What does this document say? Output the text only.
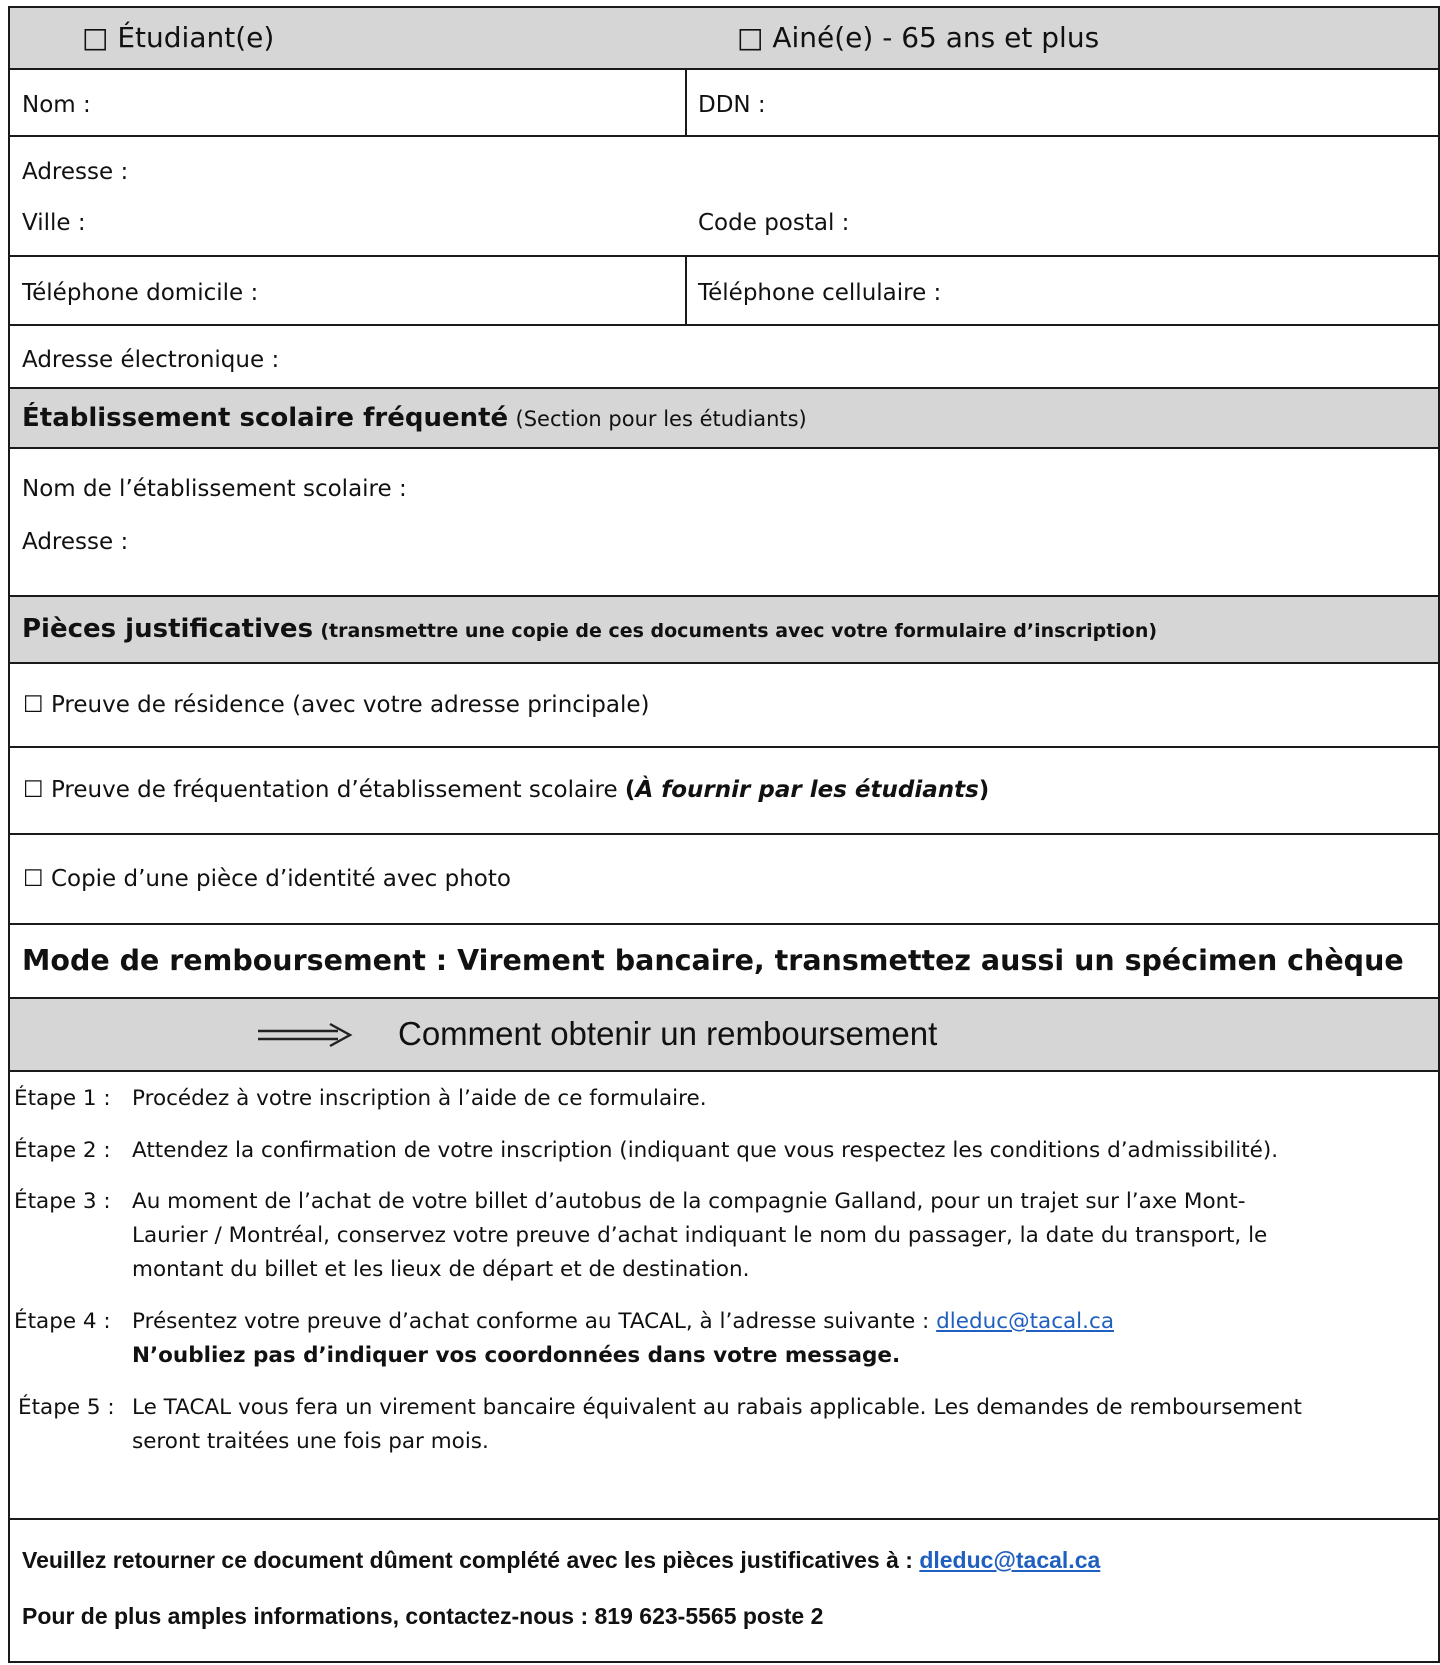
□ Étudiant(e)	□ Ainé(e) - 65 ans et plus
Nom :	DDN :
Adresse :
Ville :	Code postal :
Téléphone domicile :	Téléphone cellulaire :
Adresse électronique :
Établissement scolaire fréquenté (Section pour les étudiants)
Nom de l’établissement scolaire :
Adresse :
Pièces justificatives (transmettre une copie de ces documents avec votre formulaire d’inscription)
☐ Preuve de résidence (avec votre adresse principale)
☐ Preuve de fréquentation d’établissement scolaire (À fournir par les étudiants)
☐ Copie d’une pièce d’identité avec photo
Mode de remboursement : Virement bancaire, transmettez aussi un spécimen chèque
Comment obtenir un remboursement
Étape 1 : Procédez à votre inscription à l’aide de ce formulaire.
Étape 2 : Attendez la confirmation de votre inscription (indiquant que vous respectez les conditions d’admissibilité).
Étape 3 : Au moment de l’achat de votre billet d’autobus de la compagnie Galland, pour un trajet sur l’axe Mont-
Laurier / Montréal, conservez votre preuve d’achat indiquant le nom du passager, la date du transport, le
montant du billet et les lieux de départ et de destination.
Étape 4 : Présentez votre preuve d’achat conforme au TACAL, à l’adresse suivante : dleduc@tacal.ca
N’oubliez pas d’indiquer vos coordonnées dans votre message.
Étape 5 : Le TACAL vous fera un virement bancaire équivalent au rabais applicable. Les demandes de remboursement
seront traitées une fois par mois.
Veuillez retourner ce document dûment complété avec les pièces justificatives à : dleduc@tacal.ca
Pour de plus amples informations, contactez-nous : 819 623-5565 poste 2
